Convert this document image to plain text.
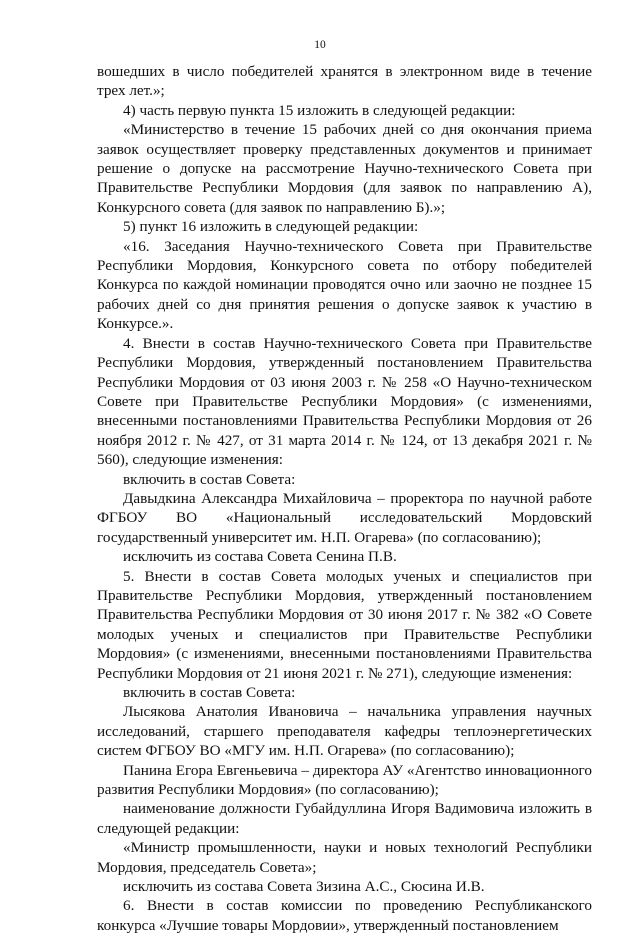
10

вошедших в число победителей хранятся в электронном виде в течение трех лет.»;

4) часть первую пункта 15 изложить в следующей редакции:

«Министерство в течение 15 рабочих дней со дня окончания приема заявок осуществляет проверку представленных документов и принимает решение о допуске на рассмотрение Научно-технического Совета при Правительстве Республики Мордовия (для заявок по направлению А), Конкурсного совета (для заявок по направлению Б).»;

5) пункт 16 изложить в следующей редакции:

«16. Заседания Научно-технического Совета при Правительстве Республики Мордовия, Конкурсного совета по отбору победителей Конкурса по каждой номинации проводятся очно или заочно не позднее 15 рабочих дней со дня принятия решения о допуске заявок к участию в Конкурсе.».

4. Внести в состав Научно-технического Совета при Правительстве Республики Мордовия, утвержденный постановлением Правительства Республики Мордовия от 03 июня 2003 г. № 258 «О Научно-техническом Совете при Правительстве Республики Мордовия» (с изменениями, внесенными постановлениями Правительства Республики Мордовия от 26 ноября 2012 г. № 427, от 31 марта 2014 г. № 124, от 13 декабря 2021 г. № 560), следующие изменения:

включить в состав Совета:

Давыдкина Александра Михайловича – проректора по научной работе ФГБОУ ВО «Национальный исследовательский Мордовский государственный университет им. Н.П. Огарева» (по согласованию);

исключить из состава Совета Сенина П.В.

5. Внести в состав Совета молодых ученых и специалистов при Правительстве Республики Мордовия, утвержденный постановлением Правительства Республики Мордовия от 30 июня 2017 г. № 382 «О Совете молодых ученых и специалистов при Правительстве Республики Мордовия» (с изменениями, внесенными постановлениями Правительства Республики Мордовия от 21 июня 2021 г. № 271), следующие изменения:

включить в состав Совета:

Лысякова Анатолия Ивановича – начальника управления научных исследований, старшего преподавателя кафедры теплоэнергетических систем ФГБОУ ВО «МГУ им. Н.П. Огарева» (по согласованию);

Панина Егора Евгеньевича – директора АУ «Агентство инновационного развития Республики Мордовия» (по согласованию);

наименование должности Губайдуллина Игоря Вадимовича изложить в следующей редакции:

«Министр промышленности, науки и новых технологий Республики Мордовия, председатель Совета»;

исключить из состава Совета Зизина А.С., Сюсина И.В.

6. Внести в состав комиссии по проведению Республиканского конкурса «Лучшие товары Мордовии», утвержденный постановлением
